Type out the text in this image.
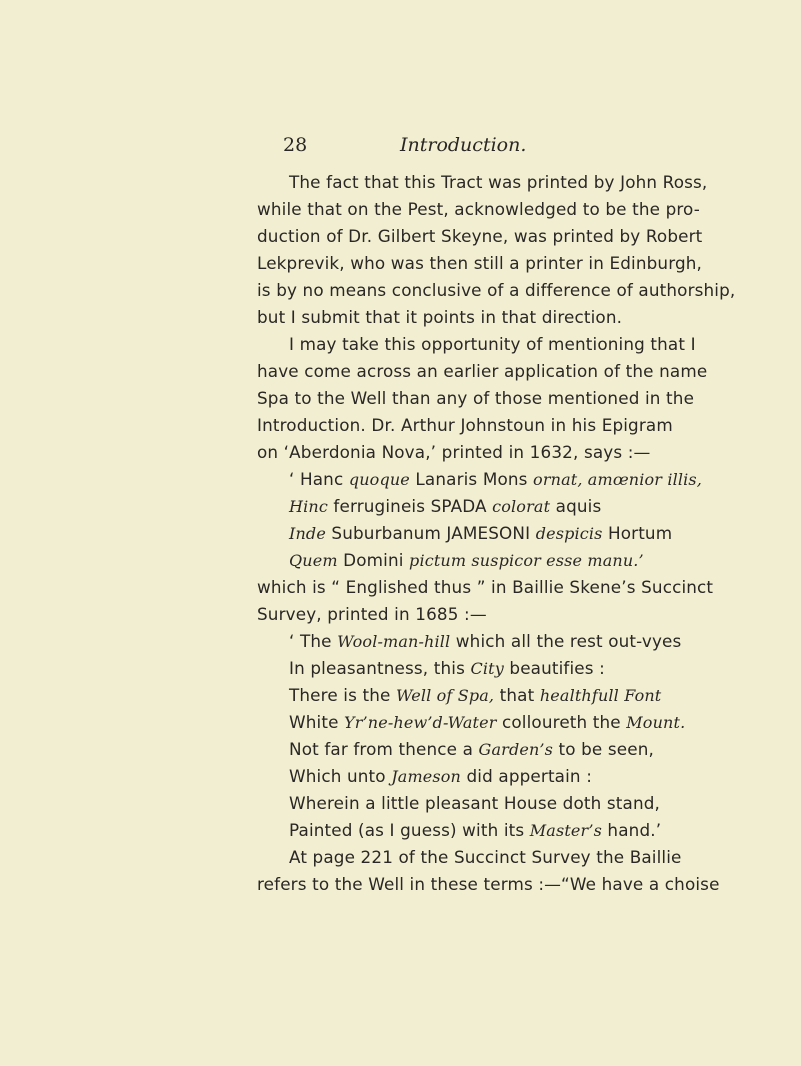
28	Introduction.
The fact that this Tract was printed by John Ross,
while that on the Pest, acknowledged to be the pro-
duction of Dr. Gilbert Skeyne, was printed by Robert
Lekprevik, who was then still a printer in Edinburgh,
is by no means conclusive of a difference of authorship,
but I submit that it points in that direction.
I may take this opportunity of mentioning that I
have come across an earlier application of the name
Spa to the Well than any of those mentioned in the
Introduction. Dr. Arthur Johnstoun in his Epigram
on ‘Aberdonia Nova,’ printed in 1632, says :—
‘ Hanc quoque Lanaris Mons ornat, amœnior illis,
Hinc ferrugineis SPADA colorat aquis
Inde Suburbanum JAMESONI despicis Hortum
Quem Domini pictum suspicor esse manu.’
which is “ Englished thus ” in Baillie Skene’s Succinct
Survey, printed in 1685 :—
‘ The Wool-man-hill which all the rest out-vyes
In pleasantness, this City beautifies :
There is the Well of Spa, that healthfull Font
White Yr’ne-hew’d-Water colloureth the Mount.
Not far from thence a Garden’s to be seen,
Which unto Jameson did appertain :
Wherein a little pleasant House doth stand,
Painted (as I guess) with its Master’s hand.’
At page 221 of the Succinct Survey the Baillie
refers to the Well in these terms :—“We have a choise
